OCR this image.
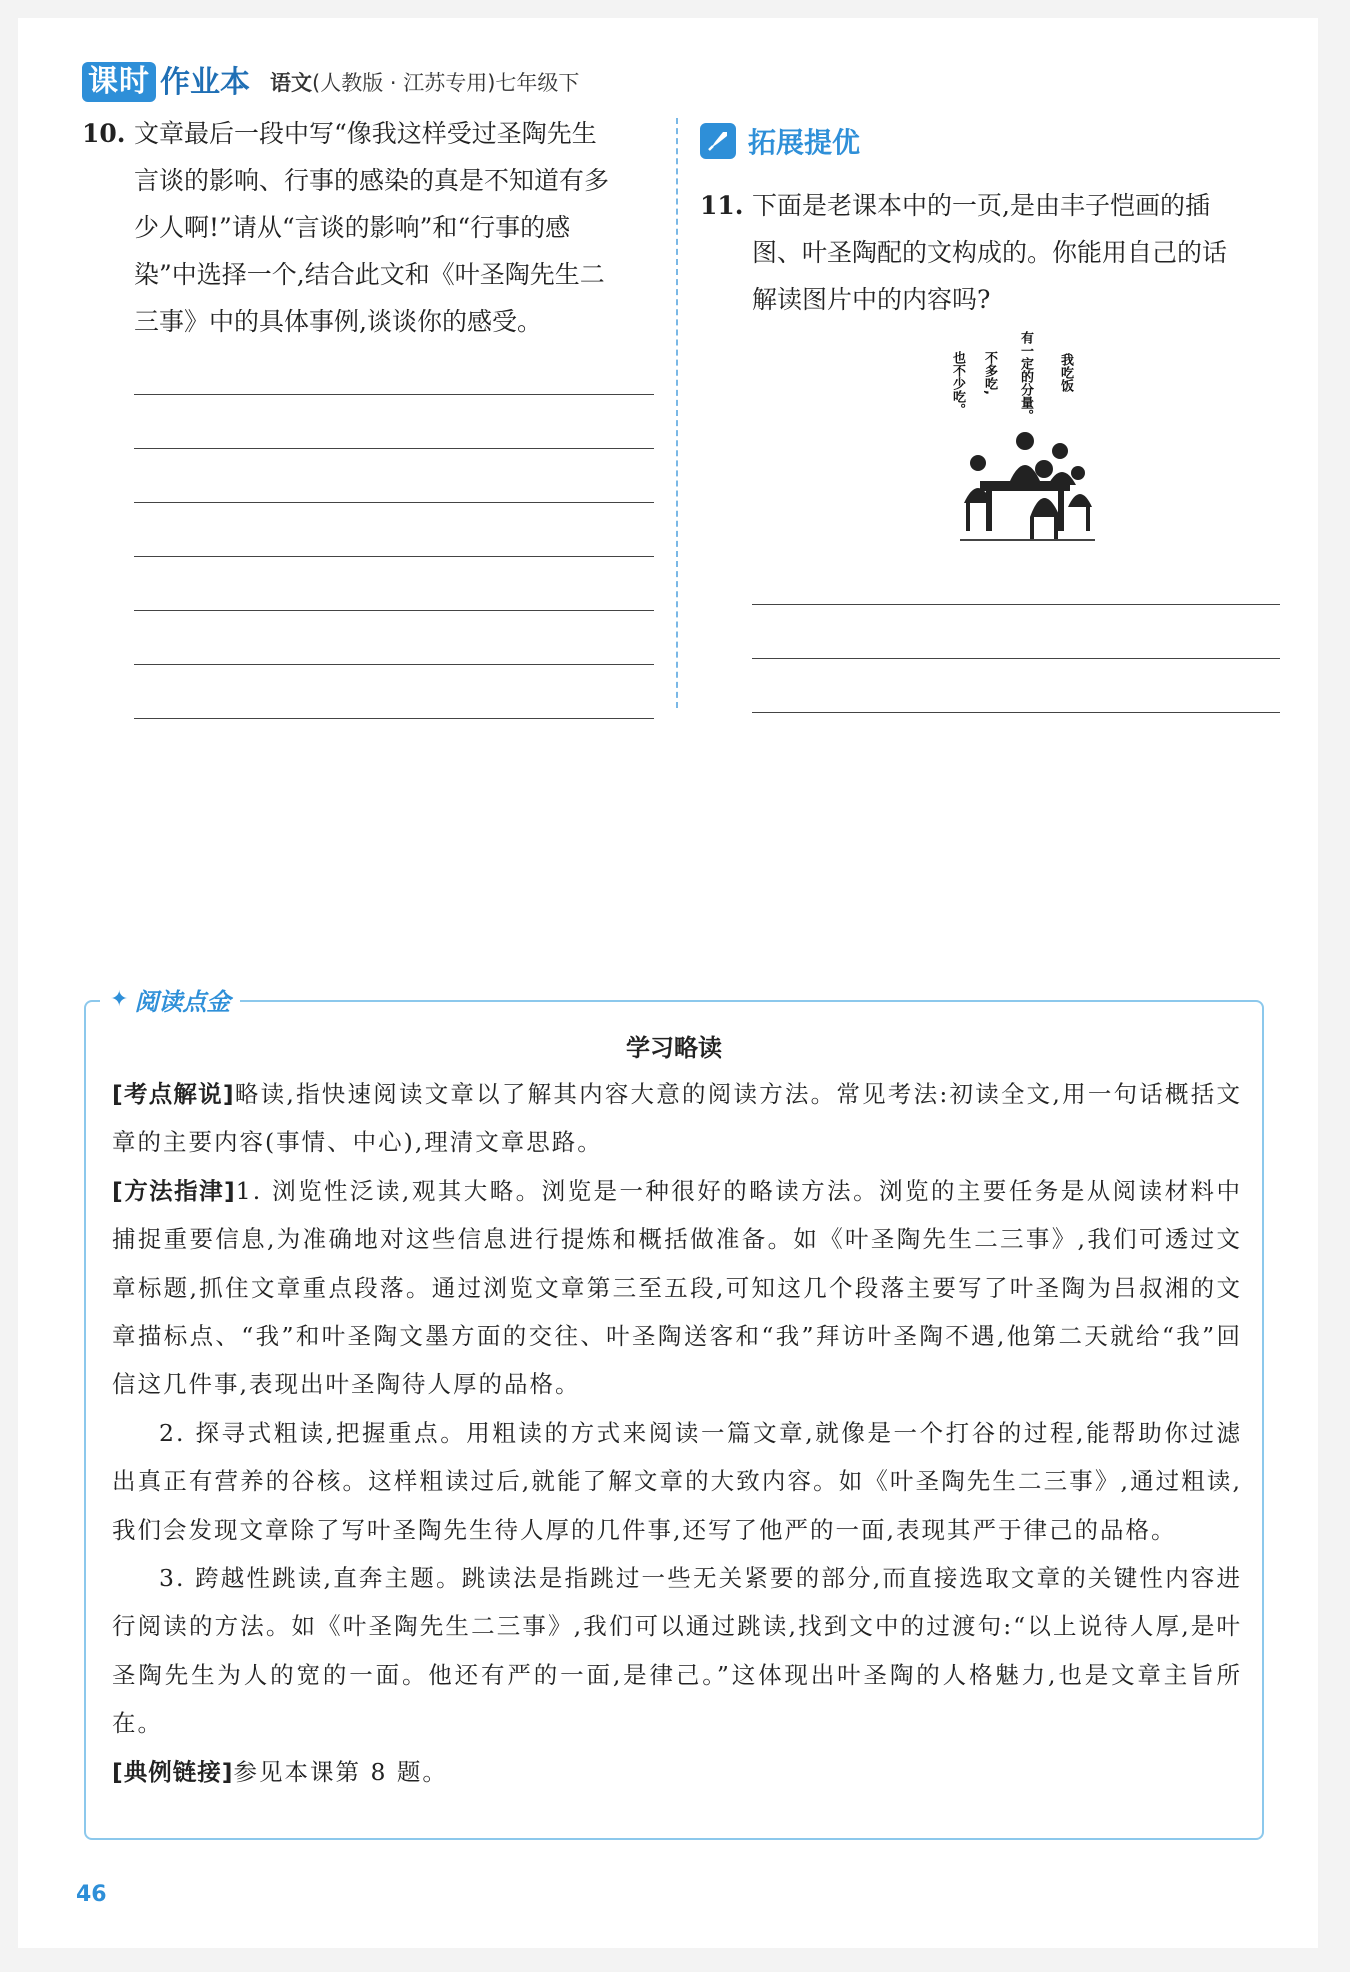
课时 作业本 语文(人教版 · 江苏专用)七年级下
10. 文章最后一段中写“像我这样受过圣陶先生
言谈的影响、行事的感染的真是不知道有多
少人啊!”请从“言谈的影响”和“行事的感
染”中选择一个,结合此文和《叶圣陶先生二
三事》中的具体事例,谈谈你的感受。
拓展提优
11. 下面是老课本中的一页,是由丰子恺画的插
图、叶圣陶配的文构成的。你能用自己的话
解读图片中的内容吗?
也不少吃。 不多吃, 有一定的分量。 我吃饭
✦ 阅读点金
学习略读

[考点解说]略读,指快速阅读文章以了解其内容大意的阅读方法。常见考法:初读全文,用一句话概括文章的主要内容(事情、中心),理清文章思路。

[方法指津]1. 浏览性泛读,观其大略。浏览是一种很好的略读方法。浏览的主要任务是从阅读材料中捕捉重要信息,为准确地对这些信息进行提炼和概括做准备。如《叶圣陶先生二三事》,我们可透过文章标题,抓住文章重点段落。通过浏览文章第三至五段,可知这几个段落主要写了叶圣陶为吕叔湘的文章描标点、“我”和叶圣陶文墨方面的交往、叶圣陶送客和“我”拜访叶圣陶不遇,他第二天就给“我”回信这几件事,表现出叶圣陶待人厚的品格。

2. 探寻式粗读,把握重点。用粗读的方式来阅读一篇文章,就像是一个打谷的过程,能帮助你过滤出真正有营养的谷核。这样粗读过后,就能了解文章的大致内容。如《叶圣陶先生二三事》,通过粗读,我们会发现文章除了写叶圣陶先生待人厚的几件事,还写了他严的一面,表现其严于律己的品格。

3. 跨越性跳读,直奔主题。跳读法是指跳过一些无关紧要的部分,而直接选取文章的关键性内容进行阅读的方法。如《叶圣陶先生二三事》,我们可以通过跳读,找到文中的过渡句:“以上说待人厚,是叶圣陶先生为人的宽的一面。他还有严的一面,是律己。”这体现出叶圣陶的人格魅力,也是文章主旨所在。

[典例链接]参见本课第 8 题。

46
